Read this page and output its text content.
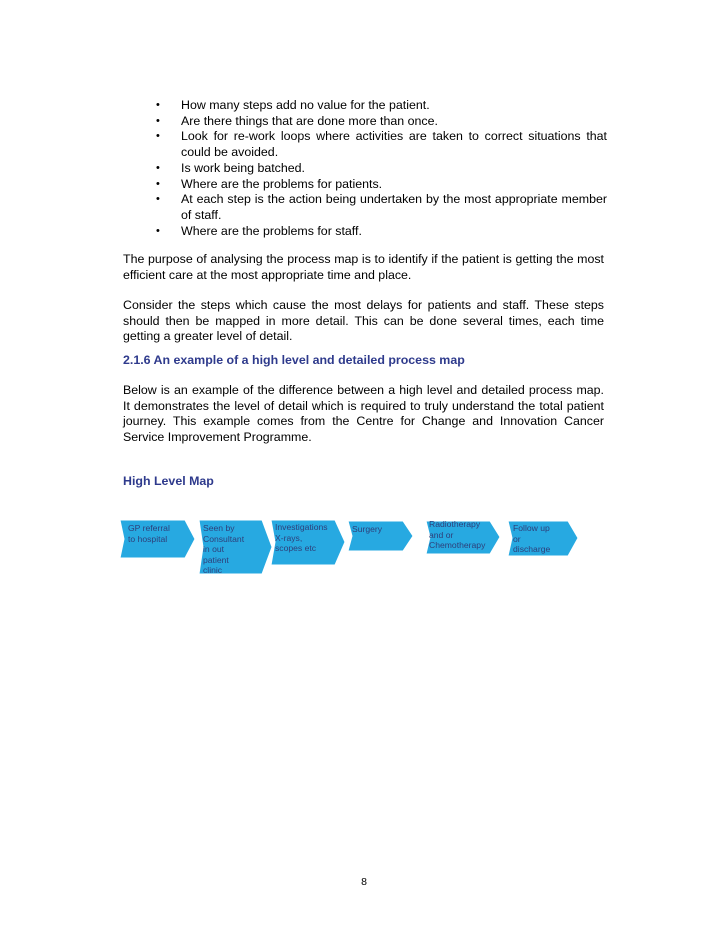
• How many steps add no value for the patient.
• Are there things that are done more than once.
• Look for re-work loops where activities are taken to correct situations that could be avoided.
• Is work being batched.
• Where are the problems for patients.
• At each step is the action being undertaken by the most appropriate member of staff.
• Where are the problems for staff.

The purpose of analysing the process map is to identify if the patient is getting the most efficient care at the most appropriate time and place.

Consider the steps which cause the most delays for patients and staff. These steps should then be mapped in more detail. This can be done several times, each time getting a greater level of detail.

2.1.6 An example of a high level and detailed process map

Below is an example of the difference between a high level and detailed process map. It demonstrates the level of detail which is required to truly understand the total patient journey. This example comes from the Centre for Change and Innovation Cancer Service Improvement Programme.

High Level Map
GP referral
to hospital
Seen by
Consultant
in out
patient
clinic
Investigations
X-rays,
scopes etc
Surgery	Radiotherapy
and or
Chemotherapy
Follow up
or
discharge
8
